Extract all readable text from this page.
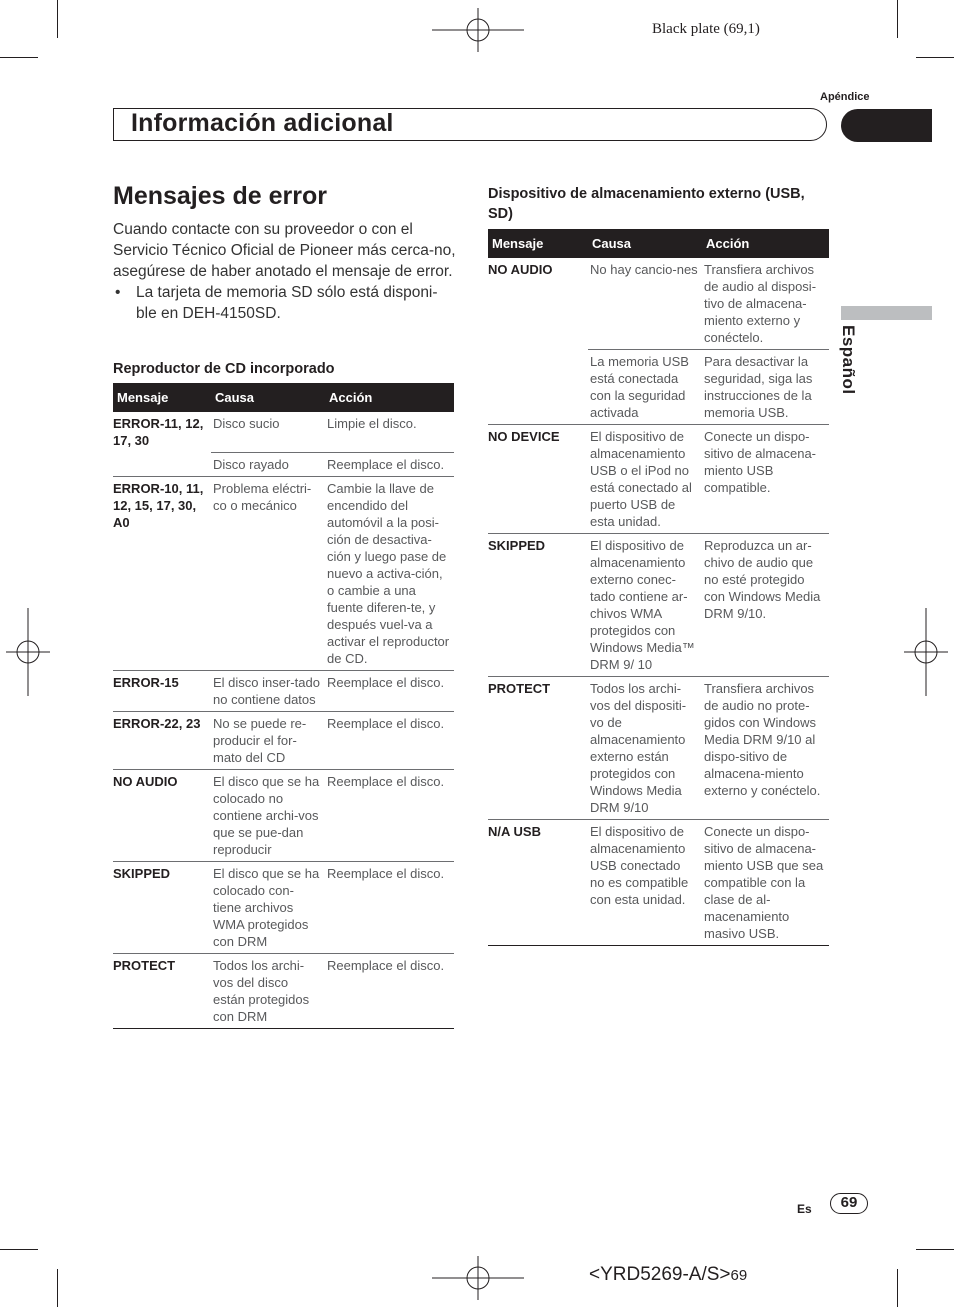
Black plate (69,1)
Apéndice
Información adicional
Español
Mensajes de error

Cuando contacte con su proveedor o con el Servicio Técnico Oficial de Pioneer más cerca-no, asegúrese de haber anotado el mensaje de error.

•	La tarjeta de memoria SD sólo está disponi-ble en DEH-4150SD.
Reproductor de CD incorporado
Mensaje	Causa	Acción
ERROR-11, 12, 17, 30	Disco sucio	Limpie el disco.
	Disco rayado	Reemplace el disco.
ERROR-10, 11, 12, 15, 17, 30, A0	Problema eléctri-co o mecánico	Cambie la llave de encendido del automóvil a la posi-ción de desactiva-ción y luego pase de nuevo a activa-ción, o cambie a una fuente diferen-te, y después vuel-va a activar el reproductor de CD.
ERROR-15	El disco inser-tado no contiene datos	Reemplace el disco.
ERROR-22, 23	No se puede re-producir el for-mato del CD	Reemplace el disco.
NO AUDIO	El disco que se ha colocado no contiene archi-vos que se pue-dan reproducir	Reemplace el disco.
SKIPPED	El disco que se ha colocado con-tiene archivos WMA protegidos con DRM	Reemplace el disco.
PROTECT	Todos los archi-vos del disco están protegidos con DRM	Reemplace el disco.
Dispositivo de almacenamiento externo (USB, SD)
Mensaje	Causa	Acción
NO AUDIO	No hay cancio-nes	Transfiera archivos de audio al disposi-tivo de almacena-miento externo y conéctelo.
	La memoria USB está conectada con la seguridad activada	Para desactivar la seguridad, siga las instrucciones de la memoria USB.
NO DEVICE	El dispositivo de almacenamiento USB o el iPod no está conectado al puerto USB de esta unidad.	Conecte un dispo-sitivo de almacena-miento USB compatible.
SKIPPED	El dispositivo de almacenamiento externo conec-tado contiene ar-chivos WMA protegidos con Windows Media™ DRM 9/ 10	Reproduzca un ar-chivo de audio que no esté protegido con Windows Media DRM 9/10.
PROTECT	Todos los archi-vos del dispositi-vo de almacenamiento externo están protegidos con Windows Media DRM 9/10	Transfiera archivos de audio no prote-gidos con Windows Media DRM 9/10 al dispo-sitivo de almacena-miento externo y conéctelo.
N/A USB	El dispositivo de almacenamiento USB conectado no es compatible con esta unidad.	Conecte un dispo-sitivo de almacena-miento USB que sea compatible con la clase de al-macenamiento masivo USB.
Es	69
<YRD5269-A/S>69
